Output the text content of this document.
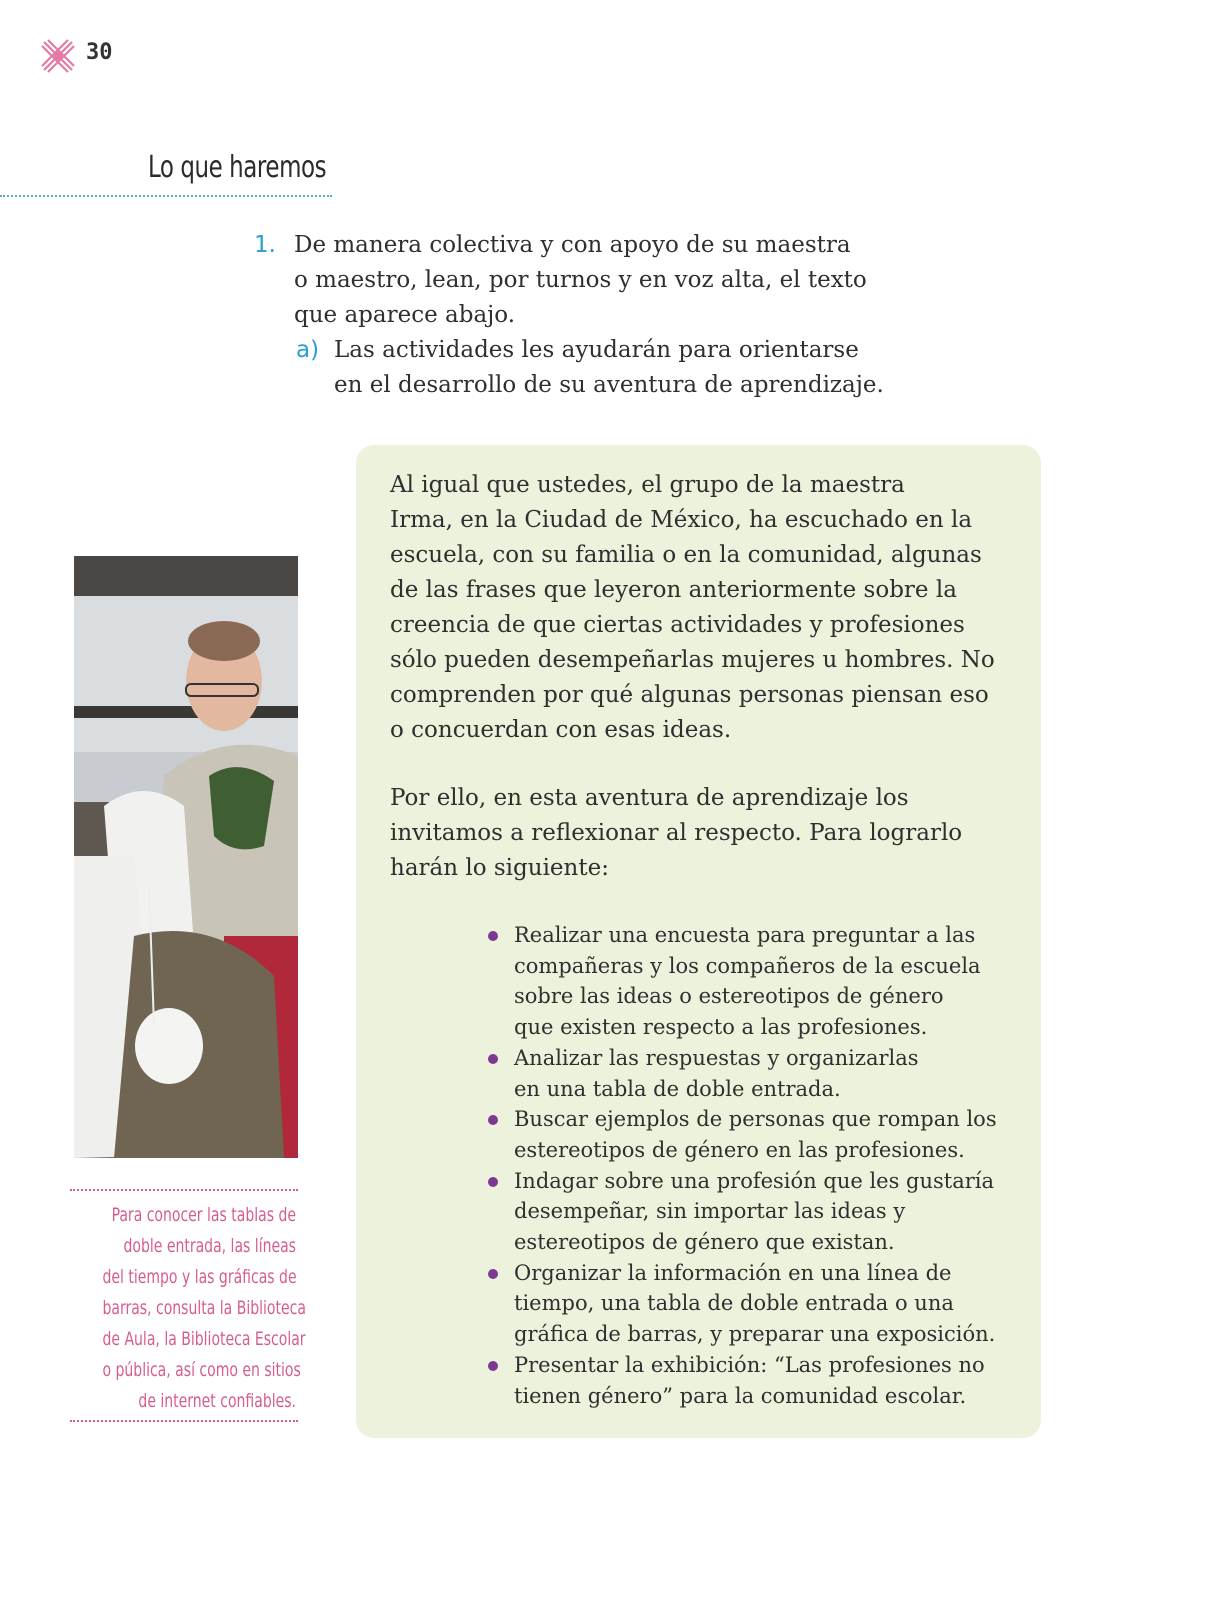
30
Lo que haremos
1. De manera colectiva y con apoyo de su maestra
o maestro, lean, por turnos y en voz alta, el texto
que aparece abajo.
a) Las actividades les ayudarán para orientarse
en el desarrollo de su aventura de aprendizaje.
Para conocer las tablas de
doble entrada, las líneas
del tiempo y las gráficas de
barras, consulta la Biblioteca
de Aula, la Biblioteca Escolar
o pública, así como en sitios
de internet confiables.

Al igual que ustedes, el grupo de la maestra
Irma, en la Ciudad de México, ha escuchado en la
escuela, con su familia o en la comunidad, algunas
de las frases que leyeron anteriormente sobre la
creencia de que ciertas actividades y profesiones
sólo pueden desempeñarlas mujeres u hombres. No
comprenden por qué algunas personas piensan eso
o concuerdan con esas ideas.

Por ello, en esta aventura de aprendizaje los
invitamos a reflexionar al respecto. Para lograrlo
harán lo siguiente:

Realizar una encuesta para preguntar a las
compañeras y los compañeros de la escuela
sobre las ideas o estereotipos de género
que existen respecto a las profesiones.
Analizar las respuestas y organizarlas
en una tabla de doble entrada.
Buscar ejemplos de personas que rompan los
estereotipos de género en las profesiones.
Indagar sobre una profesión que les gustaría
desempeñar, sin importar las ideas y
estereotipos de género que existan.
Organizar la información en una línea de
tiempo, una tabla de doble entrada o una
gráfica de barras, y preparar una exposición.
Presentar la exhibición: “Las profesiones no
tienen género” para la comunidad escolar.
